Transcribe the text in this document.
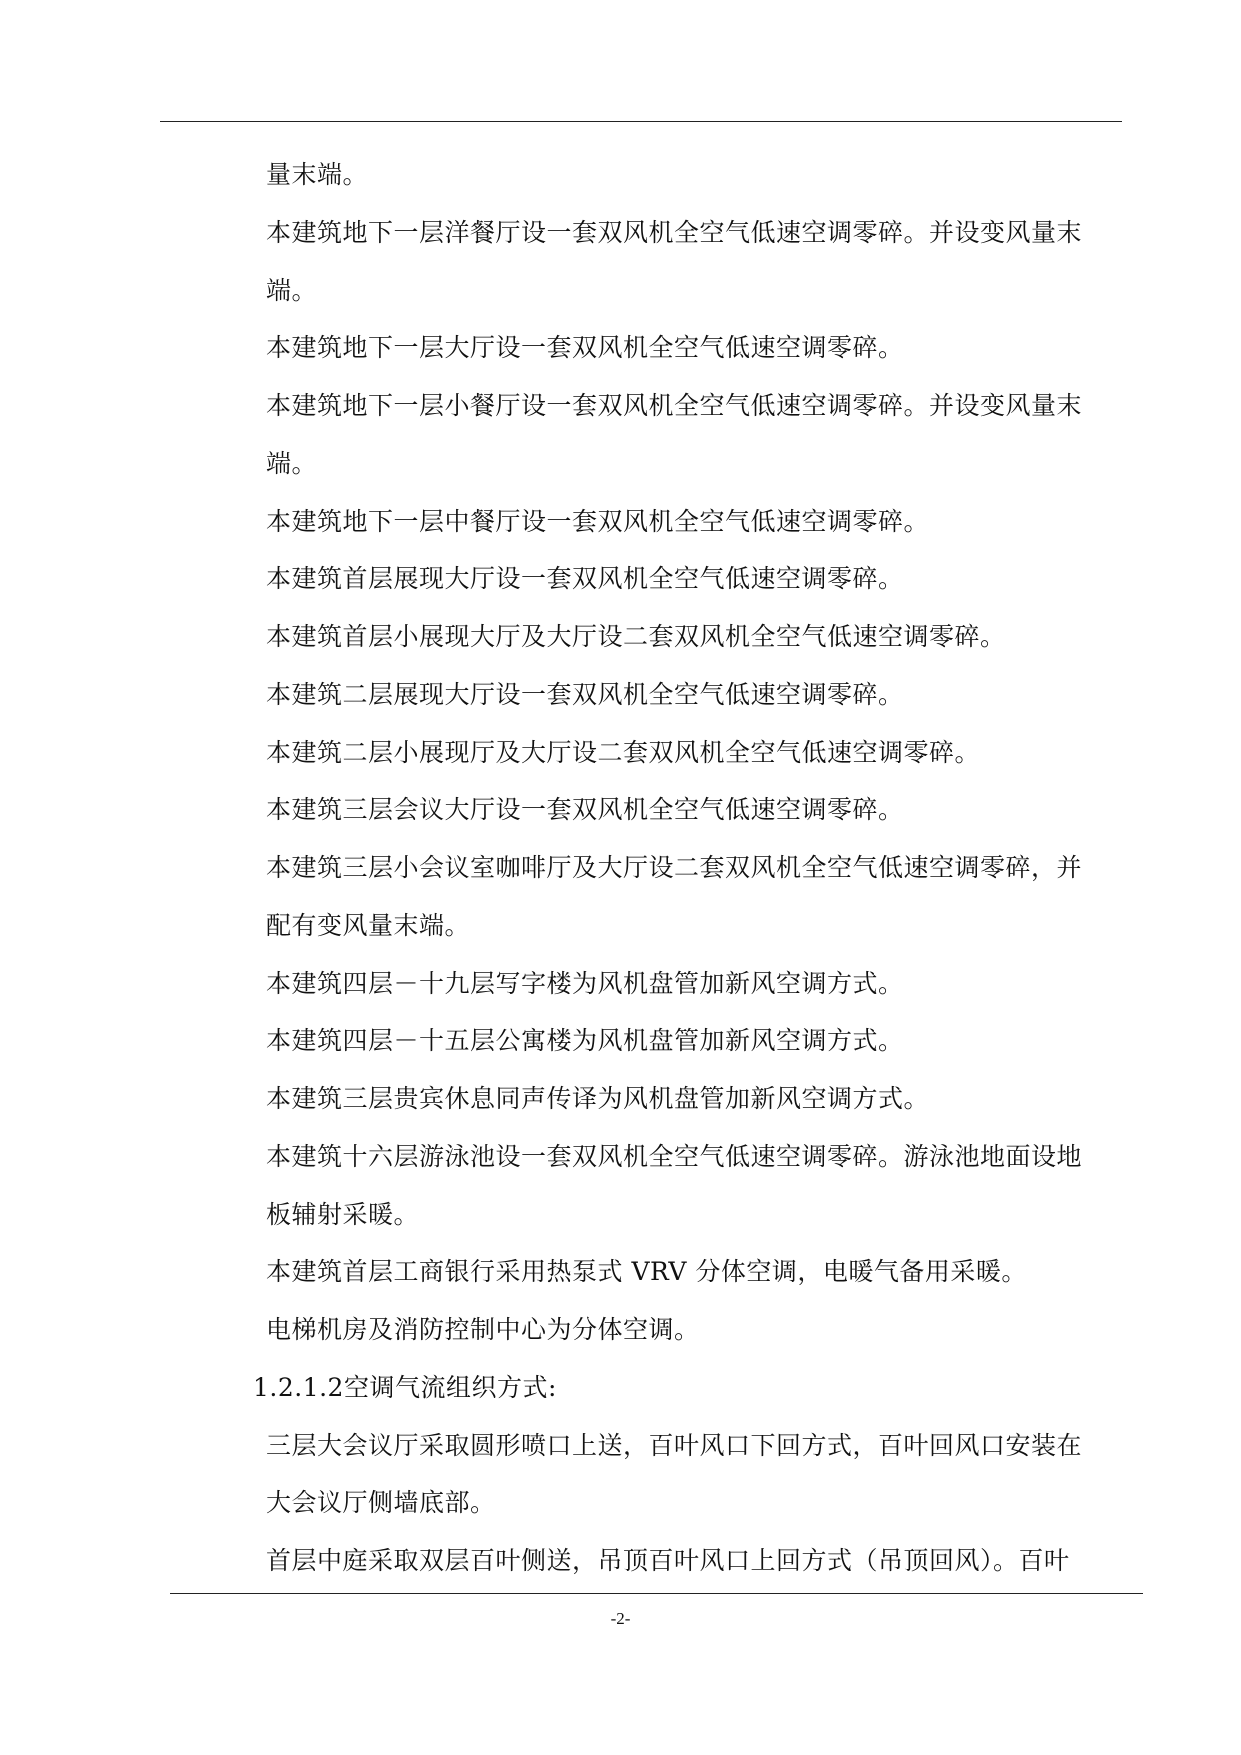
量末端。
本建筑地下一层洋餐厅设一套双风机全空气低速空调零碎。并设变风量末
端。
本建筑地下一层大厅设一套双风机全空气低速空调零碎。
本建筑地下一层小餐厅设一套双风机全空气低速空调零碎。并设变风量末
端。
本建筑地下一层中餐厅设一套双风机全空气低速空调零碎。
本建筑首层展现大厅设一套双风机全空气低速空调零碎。
本建筑首层小展现大厅及大厅设二套双风机全空气低速空调零碎。
本建筑二层展现大厅设一套双风机全空气低速空调零碎。
本建筑二层小展现厅及大厅设二套双风机全空气低速空调零碎。
本建筑三层会议大厅设一套双风机全空气低速空调零碎。
本建筑三层小会议室咖啡厅及大厅设二套双风机全空气低速空调零碎，并
配有变风量末端。
本建筑四层－十九层写字楼为风机盘管加新风空调方式。
本建筑四层－十五层公寓楼为风机盘管加新风空调方式。
本建筑三层贵宾休息同声传译为风机盘管加新风空调方式。
本建筑十六层游泳池设一套双风机全空气低速空调零碎。游泳池地面设地
板辅射采暖。
本建筑首层工商银行采用热泵式 VRV 分体空调，电暖气备用采暖。
电梯机房及消防控制中心为分体空调。
1.2.1.2空调气流组织方式:
三层大会议厅采取圆形喷口上送，百叶风口下回方式，百叶回风口安装在
大会议厅侧墙底部。
首层中庭采取双层百叶侧送，吊顶百叶风口上回方式（吊顶回风）。百叶
-2-
